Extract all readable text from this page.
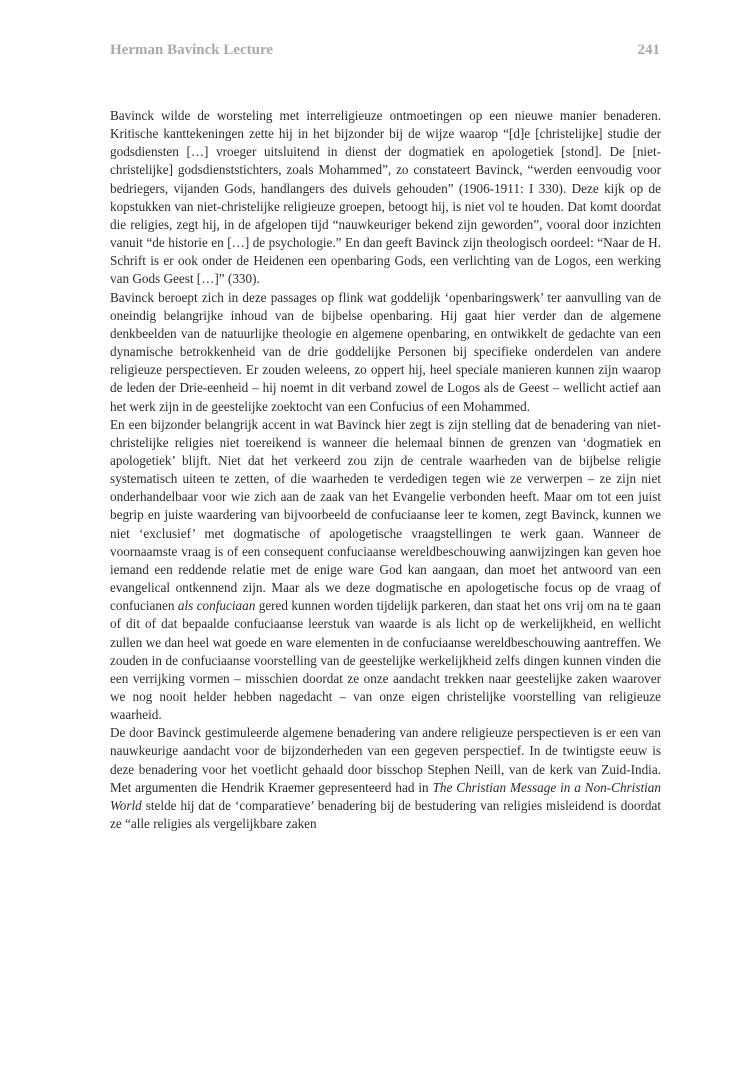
Herman Bavinck Lecture	241

Bavinck wilde de worsteling met interreligieuze ontmoetingen op een nieuwe manier benaderen. Kritische kanttekeningen zette hij in het bijzonder bij de wijze waarop “[d]e [christelijke] studie der godsdiensten […] vroeger uitsluitend in dienst der dogmatiek en apologetiek [stond]. De [niet-christelijke] godsdienststichters, zoals Mohammed”, zo constateert Bavinck, “werden eenvoudig voor bedriegers, vijanden Gods, handlangers des duivels gehouden” (1906-1911: I 330). Deze kijk op de kopstukken van niet-christelijke religieuze groepen, betoogt hij, is niet vol te houden. Dat komt doordat die religies, zegt hij, in de afgelopen tijd “nauwkeuriger bekend zijn geworden”, vooral door inzichten vanuit “de historie en […] de psychologie.” En dan geeft Bavinck zijn theologisch oordeel: “Naar de H. Schrift is er ook onder de Heidenen een openbaring Gods, een verlichting van de Logos, een werking van Gods Geest […]” (330).

Bavinck beroept zich in deze passages op flink wat goddelijk ‘openbaringswerk’ ter aanvulling van de oneindig belangrijke inhoud van de bijbelse openbaring. Hij gaat hier verder dan de algemene denkbeelden van de natuurlijke theologie en algemene openbaring, en ontwikkelt de gedachte van een dynamische betrokkenheid van de drie goddelijke Personen bij specifieke onderdelen van andere religieuze perspectieven. Er zouden weleens, zo oppert hij, heel speciale manieren kunnen zijn waarop de leden der Drie-eenheid – hij noemt in dit verband zowel de Logos als de Geest – wellicht actief aan het werk zijn in de geestelijke zoektocht van een Confucius of een Mohammed.

En een bijzonder belangrijk accent in wat Bavinck hier zegt is zijn stelling dat de benadering van niet-christelijke religies niet toereikend is wanneer die helemaal binnen de grenzen van ‘dogmatiek en apologetiek’ blijft. Niet dat het verkeerd zou zijn de centrale waarheden van de bijbelse religie systematisch uiteen te zetten, of die waarheden te verdedigen tegen wie ze verwerpen – ze zijn niet onderhandelbaar voor wie zich aan de zaak van het Evangelie verbonden heeft. Maar om tot een juist begrip en juiste waardering van bijvoorbeeld de confuciaanse leer te komen, zegt Bavinck, kunnen we niet ‘exclusief’ met dogmatische of apologetische vraagstellingen te werk gaan. Wanneer de voornaamste vraag is of een consequent confuciaanse wereldbeschouwing aanwijzingen kan geven hoe iemand een reddende relatie met de enige ware God kan aangaan, dan moet het antwoord van een evangelical ontkennend zijn. Maar als we deze dogmatische en apologetische focus op de vraag of confucianen als confuciaan gered kunnen worden tijdelijk parkeren, dan staat het ons vrij om na te gaan of dit of dat bepaalde confuciaanse leerstuk van waarde is als licht op de werkelijkheid, en wellicht zullen we dan heel wat goede en ware elementen in de confuciaanse wereldbeschouwing aantreffen. We zouden in de confuciaanse voorstelling van de geestelijke werkelijkheid zelfs dingen kunnen vinden die een verrijking vormen – misschien doordat ze onze aandacht trekken naar geestelijke zaken waarover we nog nooit helder hebben nagedacht – van onze eigen christelijke voorstelling van religieuze waarheid.

De door Bavinck gestimuleerde algemene benadering van andere religieuze perspectieven is er een van nauwkeurige aandacht voor de bijzonderheden van een gegeven perspectief. In de twintigste eeuw is deze benadering voor het voetlicht gehaald door bisschop Stephen Neill, van de kerk van Zuid-India. Met argumenten die Hendrik Kraemer gepresenteerd had in The Christian Message in a Non-Christian World stelde hij dat de ‘comparatieve’ benadering bij de bestudering van religies misleidend is doordat ze “alle religies als vergelijkbare zaken
